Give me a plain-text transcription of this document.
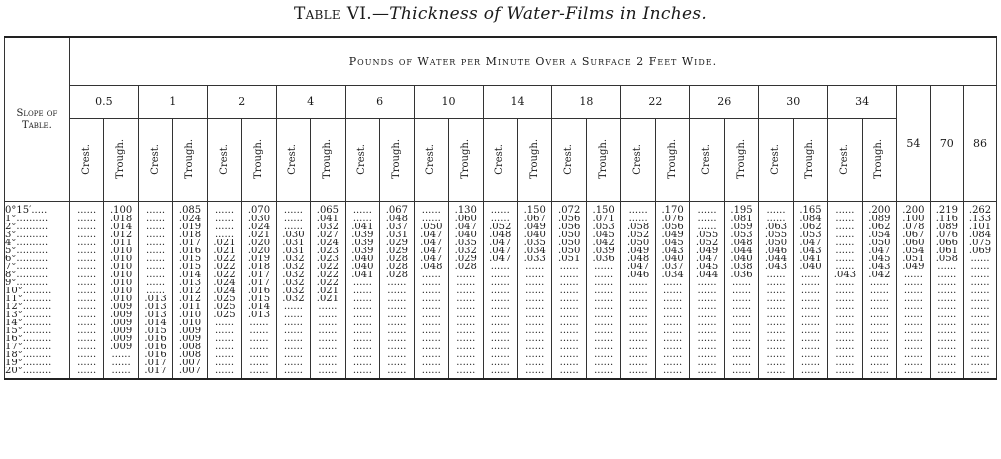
Table VI.—Thickness of Water-Films in Inches.
Slope of Table.	Pounds of Water per Minute Over a Surface 2 Feet Wide.																										
	0.5		1		2		4		6		10		14		18		22		26		30		34		54	70	86
	Crest.	Trough.	Crest.	Trough.	Crest.	Trough.	Crest.	Trough.	Crest.	Trough.	Crest.	Trough.	Crest.	Trough.	Crest.	Trough.	Crest.	Trough.	Crest.	Trough.	Crest.	Trough.	Crest.	Trough.			
0°15′.....	......	.100	......	.085	......	.070	......	.065	......	.067	......	.130	......	.150	.072	.150	......	.170	......	.195	......	.165	......	.200	.200	.219	.262
1°..........	......	.018	......	.024	......	.030	......	.041	......	.048	......	.060	......	.067	.056	.071	......	.076	......	.081	......	.084	......	.089	.100	.116	.133
2°..........	......	.014	......	.019	......	.024	......	.032	.041	.037	.050	.047	.052	.049	.056	.053	.058	.056	......	.059	.063	.062	......	.062	.078	.089	.101
3°..........	......	.012	......	.018	......	.021	.030	.027	.039	.031	.047	.040	.048	.040	.050	.045	.052	.049	.055	.053	.055	.053	......	.054	.067	.076	.084
4°..........	......	.011	......	.017	.021	.020	.031	.024	.039	.029	.047	.035	.047	.035	.050	.042	.050	.045	.052	.048	.050	.047	......	.050	.060	.066	.075
5°..........	......	.010	......	.016	.021	.020	.031	.023	.039	.029	.047	.032	.047	.034	.050	.039	.049	.043	.049	.044	.046	.043	......	.047	.054	.061	.069
6°..........	......	.010	......	.015	.022	.019	.032	.023	.040	.028	.047	.029	.047	.033	.051	.036	.048	.040	.047	.040	.044	.041	......	.045	.051	.058	......
7°..........	......	.010	......	.015	.022	.018	.032	.022	.040	.028	.048	.028	......	......	......	......	.047	.037	.045	.038	.043	.040	......	.043	.049	......	......
8°..........	......	.010	......	.014	.022	.017	.032	.022	.041	.028	......	......	......	......	......	......	.046	.034	.044	.036	......	......	.043	.042	......	......	......
9°..........	......	.010	......	.013	.024	.017	.032	.022	......	......	......	......	......	......	......	......	......	......	......	......	......	......	......	......	......	......	......
10°.........	......	.010	......	.012	.024	.016	.032	.021	......	......	......	......	......	......	......	......	......	......	......	......	......	......	......	......	......	......	......
11°.........	......	.010	.013	.012	.025	.015	.032	.021	......	......	......	......	......	......	......	......	......	......	......	......	......	......	......	......	......	......	......
12°.........	......	.009	.013	.011	.025	.014	......	......	......	......	......	......	......	......	......	......	......	......	......	......	......	......	......	......	......	......	......
13°.........	......	.009	.013	.010	.025	.013	......	......	......	......	......	......	......	......	......	......	......	......	......	......	......	......	......	......	......	......	......
14°.........	......	.009	.014	.010	......	......	......	......	......	......	......	......	......	......	......	......	......	......	......	......	......	......	......	......	......	......	......
15°.........	......	.009	.015	.009	......	......	......	......	......	......	......	......	......	......	......	......	......	......	......	......	......	......	......	......	......	......	......
16°.........	......	.009	.016	.009	......	......	......	......	......	......	......	......	......	......	......	......	......	......	......	......	......	......	......	......	......	......	......
17°.........	......	.009	.016	.008	......	......	......	......	......	......	......	......	......	......	......	......	......	......	......	......	......	......	......	......	......	......	......
18°.........	......	......	.016	.008	......	......	......	......	......	......	......	......	......	......	......	......	......	......	......	......	......	......	......	......	......	......	......
19°.........	......	......	.017	.007	......	......	......	......	......	......	......	......	......	......	......	......	......	......	......	......	......	......	......	......	......	......	......
20°.........	......	......	.017	.007	......	......	......	......	......	......	......	......	......	......	......	......	......	......	......	......	......	......	......	......	......	......	......
